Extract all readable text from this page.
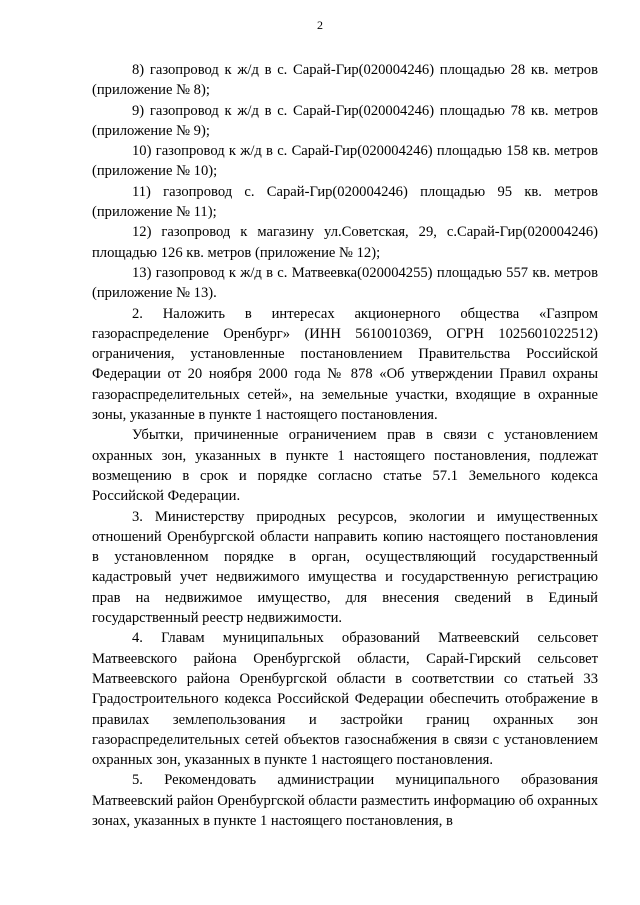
2

8) газопровод к ж/д в с. Сарай-Гир(020004246) площадью 28 кв. метров (приложение № 8);

9) газопровод к ж/д в с. Сарай-Гир(020004246) площадью 78 кв. метров (приложение № 9);

10) газопровод к ж/д в с. Сарай-Гир(020004246) площадью 158 кв. метров (приложение № 10);

11) газопровод с. Сарай-Гир(020004246) площадью 95 кв. метров (приложение № 11);

12) газопровод к магазину ул.Советская, 29, с.Сарай-Гир(020004246) площадью 126 кв. метров (приложение № 12);

13) газопровод к ж/д в с. Матвеевка(020004255) площадью 557 кв. метров (приложение № 13).

2. Наложить в интересах акционерного общества «Газпром газораспределение Оренбург» (ИНН 5610010369, ОГРН 1025601022512) ограничения, установленные постановлением Правительства Российской Федерации от 20 ноября 2000 года № 878 «Об утверждении Правил охраны газораспределительных сетей», на земельные участки, входящие в охранные зоны, указанные в пункте 1 настоящего постановления.

Убытки, причиненные ограничением прав в связи с установлением охранных зон, указанных в пункте 1 настоящего постановления, подлежат возмещению в срок и порядке согласно статье 57.1 Земельного кодекса Российской Федерации.

3. Министерству природных ресурсов, экологии и имущественных отношений Оренбургской области направить копию настоящего постановления в установленном порядке в орган, осуществляющий государственный кадастровый учет недвижимого имущества и государственную регистрацию прав на недвижимое имущество, для внесения сведений в Единый государственный реестр недвижимости.

4. Главам муниципальных образований Матвеевский сельсовет Матвеевского района Оренбургской области, Сарай-Гирский сельсовет Матвеевского района Оренбургской области в соответствии со статьей 33 Градостроительного кодекса Российской Федерации обеспечить отображение в правилах землепользования и застройки границ охранных зон газораспределительных сетей объектов газоснабжения в связи с установлением охранных зон, указанных в пункте 1 настоящего постановления.

5. Рекомендовать администрации муниципального образования Матвеевский район Оренбургской области разместить информацию об охранных зонах, указанных в пункте 1 настоящего постановления, в
